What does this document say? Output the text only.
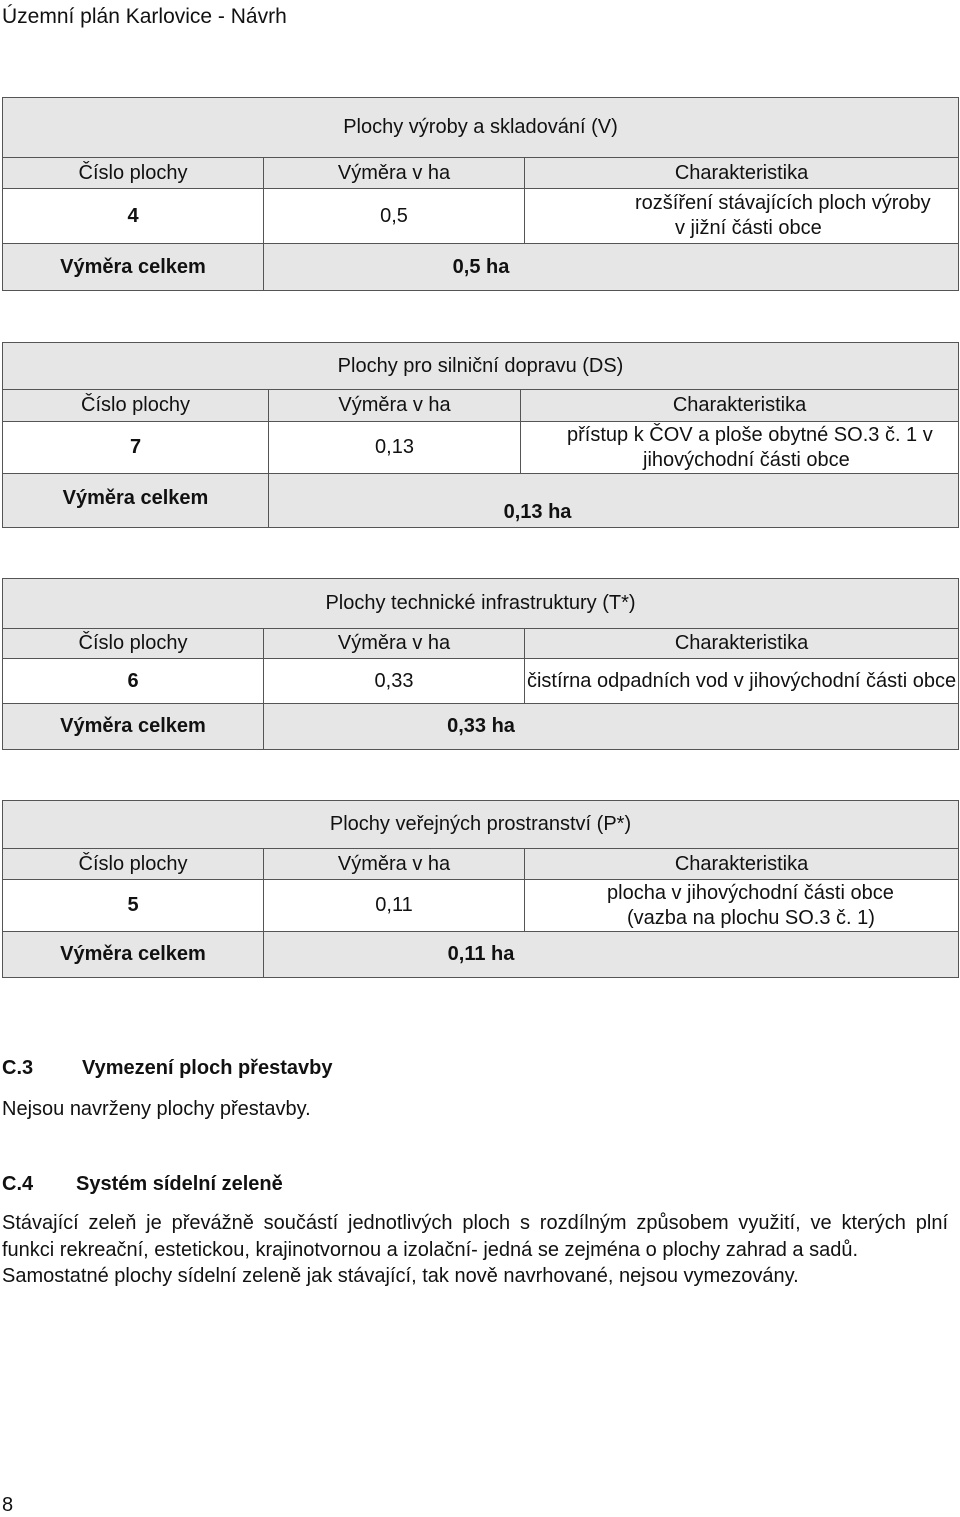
Územní plán Karlovice - Návrh
Plochy výroby a skladování (V)		
Číslo plochy	Výměra v ha	Charakteristika
4	0,5	rozšíření stávajících ploch výroby
v jižní části obce

Výměra celkem	0,5 ha	
Plochy pro silniční dopravu (DS)		
Číslo plochy	Výměra v ha	Charakteristika
7	0,13	přístup k ČOV a ploše obytné SO.3 č. 1 v
jihovýchodní části obce

Výměra celkem	0,13 ha	
Plochy technické infrastruktury (T*)		
Číslo plochy	Výměra v ha	Charakteristika
6	0,33	čistírna odpadních vod v jihovýchodní části obce
Výměra celkem	0,33 ha	
Plochy veřejných prostranství (P*)		
Číslo plochy	Výměra v ha	Charakteristika
5	0,11	plocha v jihovýchodní části obce
(vazba na plochu SO.3 č. 1)

Výměra celkem	0,11 ha	
C.3 Vymezení ploch přestavby

Nejsou navrženy plochy přestavby.

C.4 Systém sídelní zeleně

Stávající zeleň je převážně součástí jednotlivých ploch s rozdílným způsobem využití, ve kterých plní funkci rekreační, estetickou, krajinotvornou a izolační- jedná se zejména o plochy zahrad a sadů.

Samostatné plochy sídelní zeleně jak stávající, tak nově navrhované, nejsou vymezovány.

8
